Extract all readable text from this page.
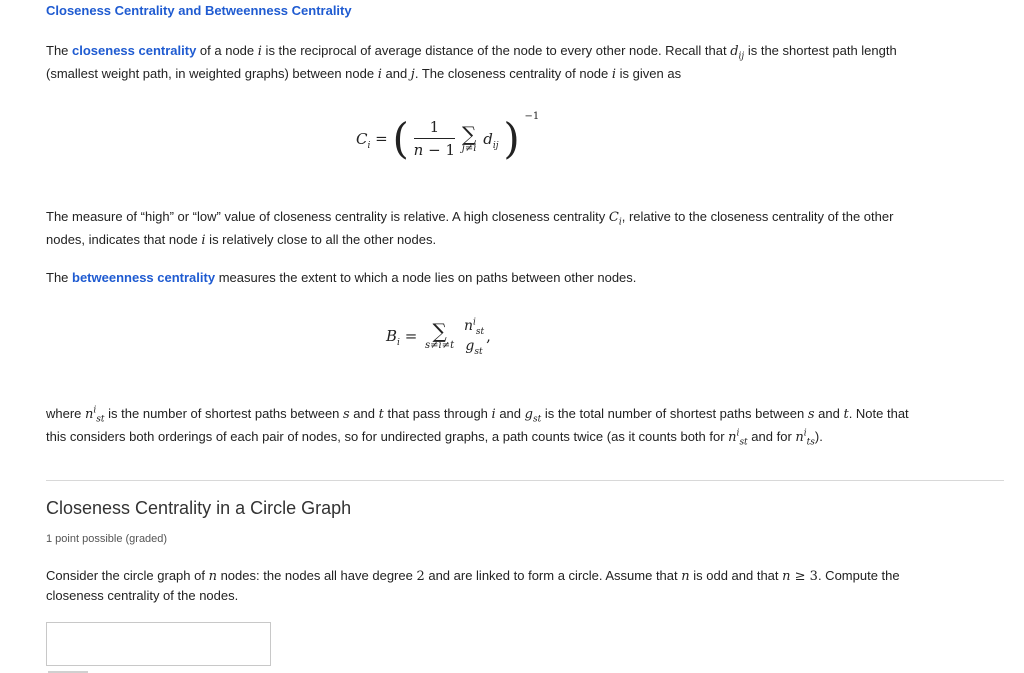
Closeness Centrality and Betweenness Centrality
The closeness centrality of a node i is the reciprocal of average distance of the node to every other node. Recall that $d_{ij}$ is the shortest path length
(smallest weight path, in weighted graphs) between node i and j. The closeness centrality of node i is given as
$C_i$ = ( $\frac{1}{n - 1}$
∑
j≠i
$d_{ij}$ ) $^{-1}$
The measure of “high” or “low” value of closeness centrality is relative. A high closeness centrality $C_i$, relative to the closeness centrality of the other
nodes, indicates that node i is relatively close to all the other nodes.
The betweenness centrality measures the extent to which a node lies on paths between other nodes.
$B_i$ = ∑
s≠i≠t

$n^i_{st}$
$g_{st}$
,
where $n^i_{st}$ is the number of shortest paths between s and t that pass through i and $g_{st}$ is the total number of shortest paths between s and t. Note that
this considers both orderings of each pair of nodes, so for undirected graphs, a path counts twice (as it counts both for $n^i_{st}$ and for $n^i_{ts}$).
Closeness Centrality in a Circle Graph
1 point possible (graded)
Consider the circle graph of n nodes: the nodes all have degree 2 and are linked to form a circle. Assume that n is odd and that n ≥ 3. Compute the
closeness centrality of the nodes.
